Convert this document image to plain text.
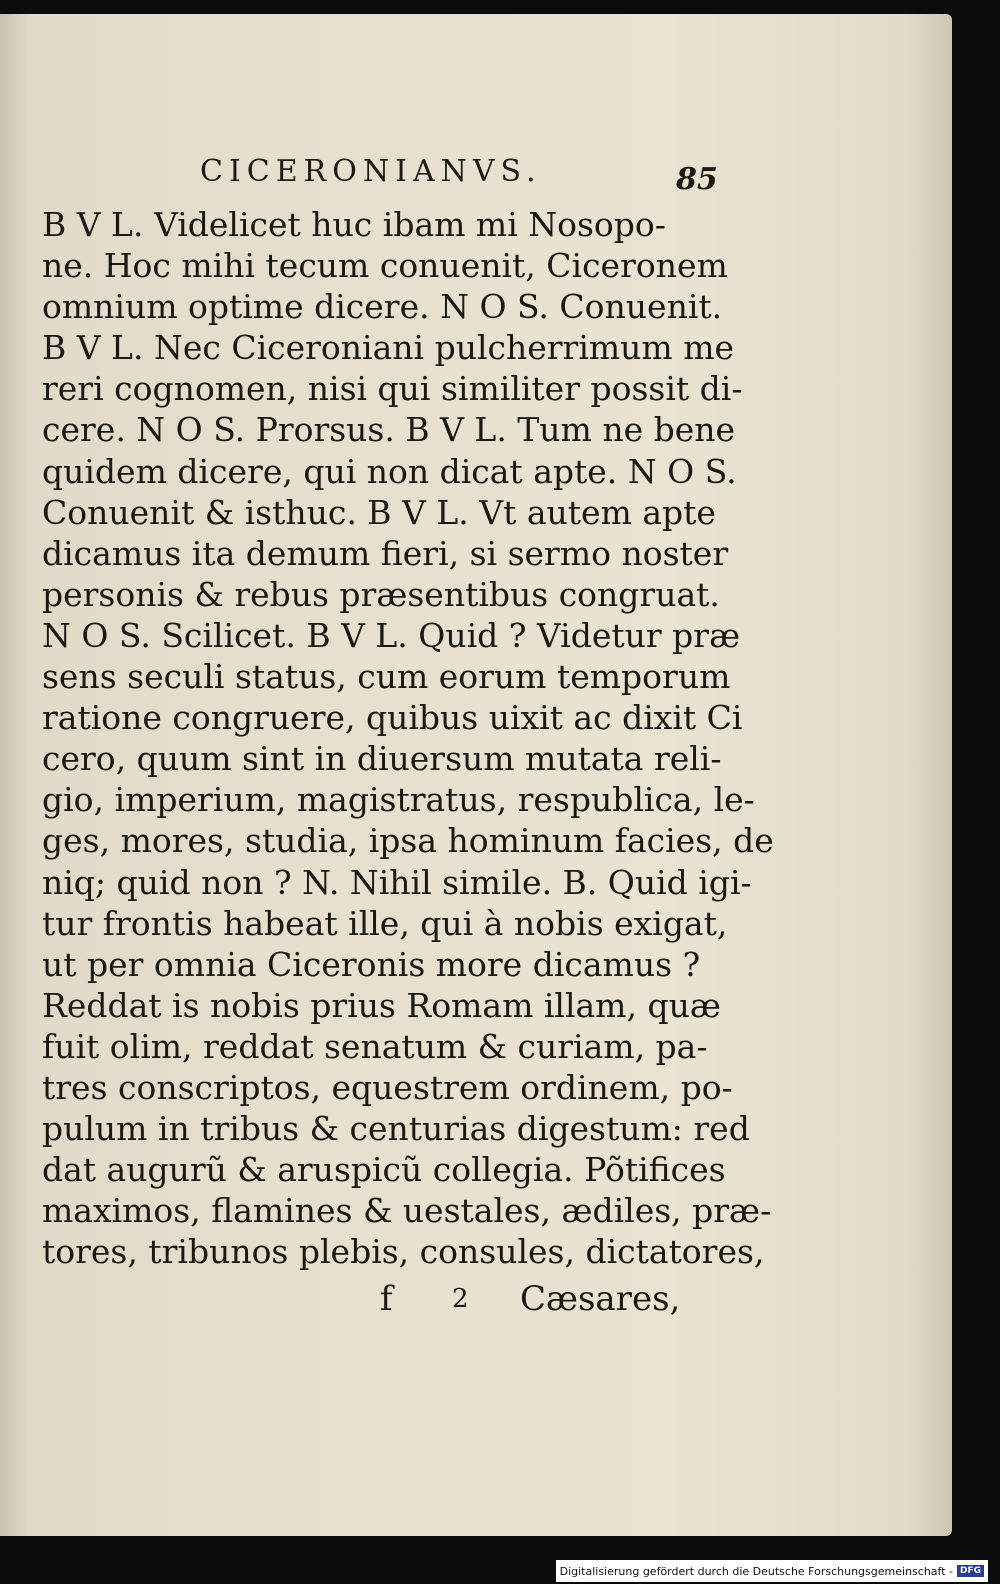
CICERONIANVS.	85
B V L. Videlicet huc ibam mi Nosopo-
ne. Hoc mihi tecum conuenit, Ciceronem
omnium optime dicere. N O S. Conuenit.
B V L. Nec Ciceroniani pulcherrimum me
reri cognomen, nisi qui similiter possit di-
cere. N O S. Prorsus. B V L. Tum ne bene
quidem dicere, qui non dicat apte. N O S.
Conuenit & isthuc. B V L. Vt autem apte
dicamus ita demum fieri, si sermo noster
personis & rebus præsentibus congruat.
N O S. Scilicet. B V L. Quid ? Videtur præ
sens seculi status, cum eorum temporum
ratione congruere, quibus uixit ac dixit Ci
cero, quum sint in diuersum mutata reli-
gio, imperium, magistratus, respublica, le-
ges, mores, studia, ipsa hominum facies, de
niq; quid non ? N. Nihil simile. B. Quid igi-
tur frontis habeat ille, qui à nobis exigat,
ut per omnia Ciceronis more dicamus ?
Reddat is nobis prius Romam illam, quæ
fuit olim, reddat senatum & curiam, pa-
tres conscriptos, equestrem ordinem, po-
pulum in tribus & centurias digestum: red
dat augurũ & aruspicũ collegia. Põtifices
maximos, flamines & uestales, ædiles, præ-
tores, tribunos plebis, consules, dictatores,
f 2 Cæsares,
Digitalisierung gefördert durch die Deutsche Forschungsgemeinschaft - DFG
